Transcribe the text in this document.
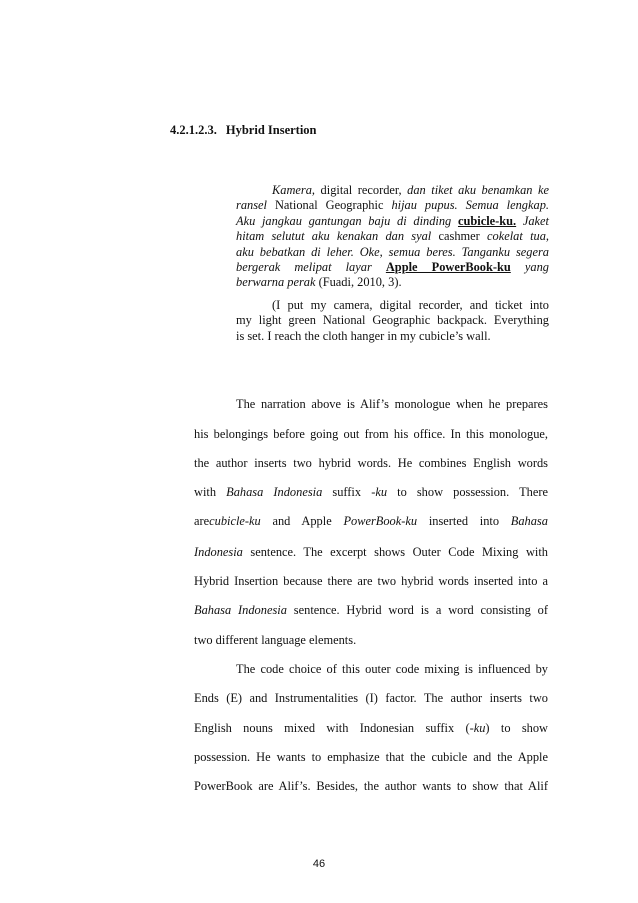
4.2.1.2.3. Hybrid Insertion
Kamera, digital recorder, dan tiket aku benamkan ke
ransel National Geographic hijau pupus. Semua lengkap.
Aku jangkau gantungan baju di dinding cubicle-ku. Jaket
hitam selutut aku kenakan dan syal cashmer cokelat tua,
aku bebatkan di leher. Oke, semua beres. Tanganku segera
bergerak melipat layar Apple PowerBook-ku yang
berwarna perak (Fuadi, 2010, 3).
(I put my camera, digital recorder, and ticket into
my light green National Geographic backpack. Everything
is set. I reach the cloth hanger in my cubicle’s wall.
The narration above is Alif’s monologue when he prepares
his belongings before going out from his office. In this monologue,
the author inserts two hybrid words. He combines English words
with Bahasa Indonesia suffix -ku to show possession. There
arecubicle-ku and Apple PowerBook-ku inserted into Bahasa
Indonesia sentence. The excerpt shows Outer Code Mixing with
Hybrid Insertion because there are two hybrid words inserted into a
Bahasa Indonesia sentence. Hybrid word is a word consisting of
two different language elements.
The code choice of this outer code mixing is influenced by
Ends (E) and Instrumentalities (I) factor. The author inserts two
English nouns mixed with Indonesian suffix (-ku) to show
possession. He wants to emphasize that the cubicle and the Apple
PowerBook are Alif’s. Besides, the author wants to show that Alif
46
